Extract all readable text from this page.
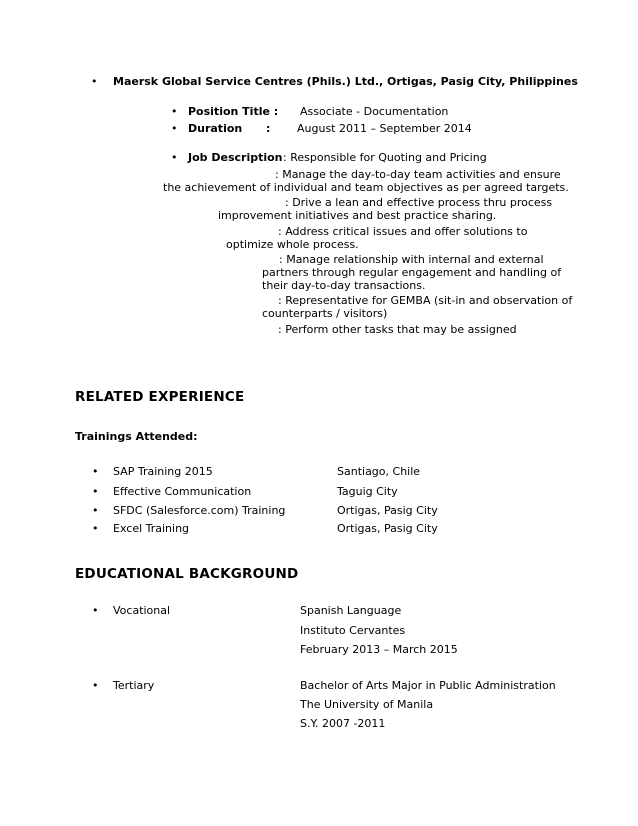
• Maersk Global Service Centres (Phils.) Ltd., Ortigas, Pasig City, Philippines
• Position Title : Associate - Documentation
• Duration : August 2011 – September 2014
• Job Description : Responsible for Quoting and Pricing
: Manage the day-to-day team activities and ensure
the achievement of individual and team objectives as per agreed targets.
: Drive a lean and effective process thru process
improvement initiatives and best practice sharing.
: Address critical issues and offer solutions to
optimize whole process.
: Manage relationship with internal and external
partners through regular engagement and handling of
their day-to-day transactions.
: Representative for GEMBA (sit-in and observation of
counterparts / visitors)
: Perform other tasks that may be assigned
RELATED EXPERIENCE
Trainings Attended:
• SAP Training 2015	Santiago, Chile
• Effective Communication	Taguig City
• SFDC (Salesforce.com) Training	Ortigas, Pasig City
• Excel Training	Ortigas, Pasig City
EDUCATIONAL BACKGROUND
• Vocational	Spanish Language
Instituto Cervantes
February 2013 – March 2015
• Tertiary	Bachelor of Arts Major in Public Administration
The University of Manila
S.Y. 2007 -2011
